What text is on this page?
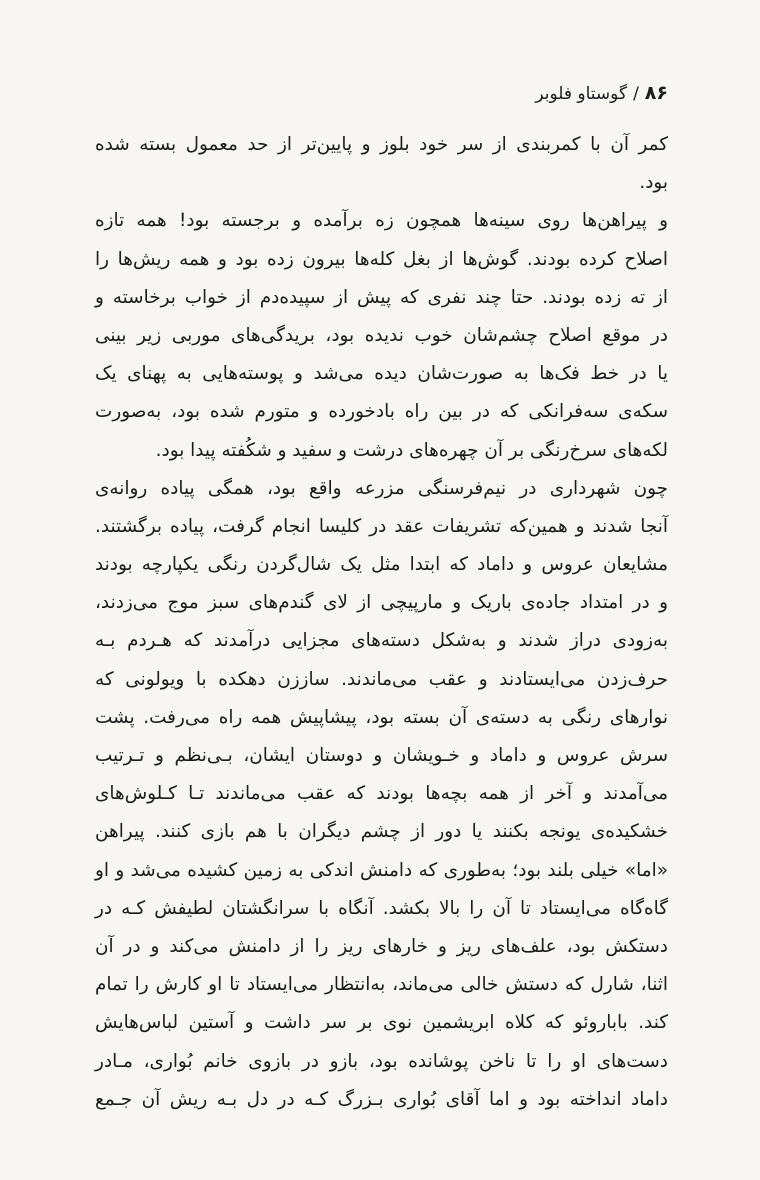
۸۶/گوستاو فلوبر
کمر آن با کمربندی از سر خود بلوز و پایین‌تر از حد معمول بسته شده
بود.
و پیراهن‌ها روی سینه‌ها همچون زه برآمده و برجسته بود! همه تازه
اصلاح کرده بودند. گوش‌ها از بغل کله‌ها بیرون زده بود و همه ریش‌ها را
از ته زده بودند. حتا چند نفری که پیش از سپیده‌دم از خواب برخاسته و
در موقع اصلاح چشم‌شان خوب ندیده بود، بریدگی‌های موربی زیر بینی
یا در خط فک‌ها به صورت‌شان دیده می‌شد و پوسته‌هایی به پهنای یک
سکه‌ی سه‌فرانکی که در بین راه بادخورده و متورم شده بود، به‌صورت
لکه‌های سرخ‌رنگی بر آن چهره‌های درشت و سفید و شکُفته پیدا بود.
چون شهرداری در نیم‌فرسنگی مزرعه واقع بود، همگی پیاده روانه‌ی
آنجا شدند و همین‌که تشریفات عقد در کلیسا انجام گرفت، پیاده برگشتند.
مشایعان عروس و داماد که ابتدا مثل یک شال‌گردن رنگی یکپارچه بودند
و در امتداد جاده‌ی باریک و مارپیچی از لای گندم‌های سبز موج می‌زدند،
به‌زودی دراز شدند و به‌شکل دسته‌های مجزایی درآمدند که هـردم بـه
حرف‌زدن می‌ایستادند و عقب می‌ماندند. ساززن دهکده با ویولونی که
نوارهای رنگی به دسته‌ی آن بسته بود، پیشاپیش همه راه می‌رفت. پشت
سرش عروس و داماد و خـویشان و دوستان ایشان، بـی‌نظم و تـرتیب
می‌آمدند و آخر از همه بچه‌ها بودند که عقب می‌ماندند تـا کـلوش‌های
خشکیده‌ی یونجه بکنند یا دور از چشم دیگران با هم بازی کنند. پیراهن
«اما» خیلی بلند بود؛ به‌طوری که دامنش اندکی به زمین کشیده می‌شد و او
گاه‌گاه می‌ایستاد تا آن را بالا بکشد. آنگاه با سرانگشتان لطیفش کـه در
دستکش بود، علف‌های ریز و خارهای ریز را از دامنش می‌کند و در آن
اثنا، شارل که دستش خالی می‌ماند، به‌انتظار می‌ایستاد تا او کارش را تمام
کند. باباروئو که کلاه ابریشمین نوی بر سر داشت و آستین لباس‌هایش
دست‌های او را تا ناخن پوشانده بود، بازو در بازوی خانم بُواری، مـادر
داماد انداخته بود و اما آقای بُواری بـزرگ کـه در دل بـه ریش آن جـمع
